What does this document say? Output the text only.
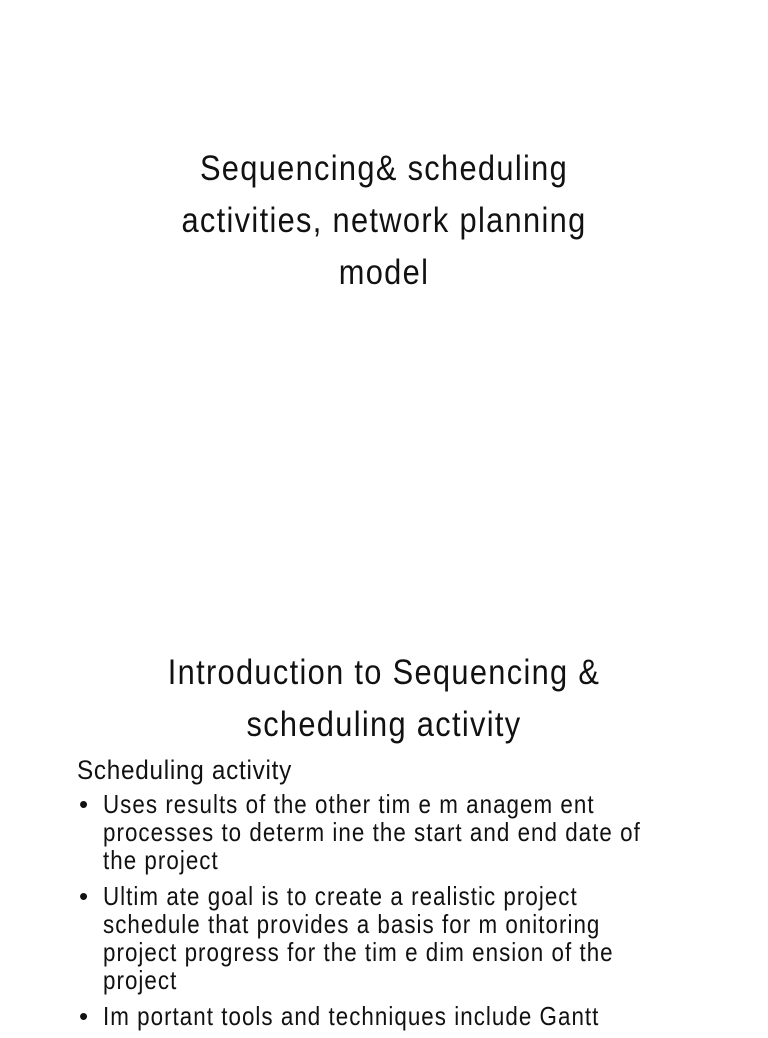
Sequencing& scheduling
activities, network planning
model
Introduction to Sequencing &
scheduling activity
Scheduling activity
• Uses results of the other tim e m anagem ent
processes to determ ine the start and end date of
the project
• Ultim ate goal is to create a realistic project
schedule that provides a basis for m onitoring
project progress for the tim e dim ension of the
project
• Im portant tools and techniques include Gantt
